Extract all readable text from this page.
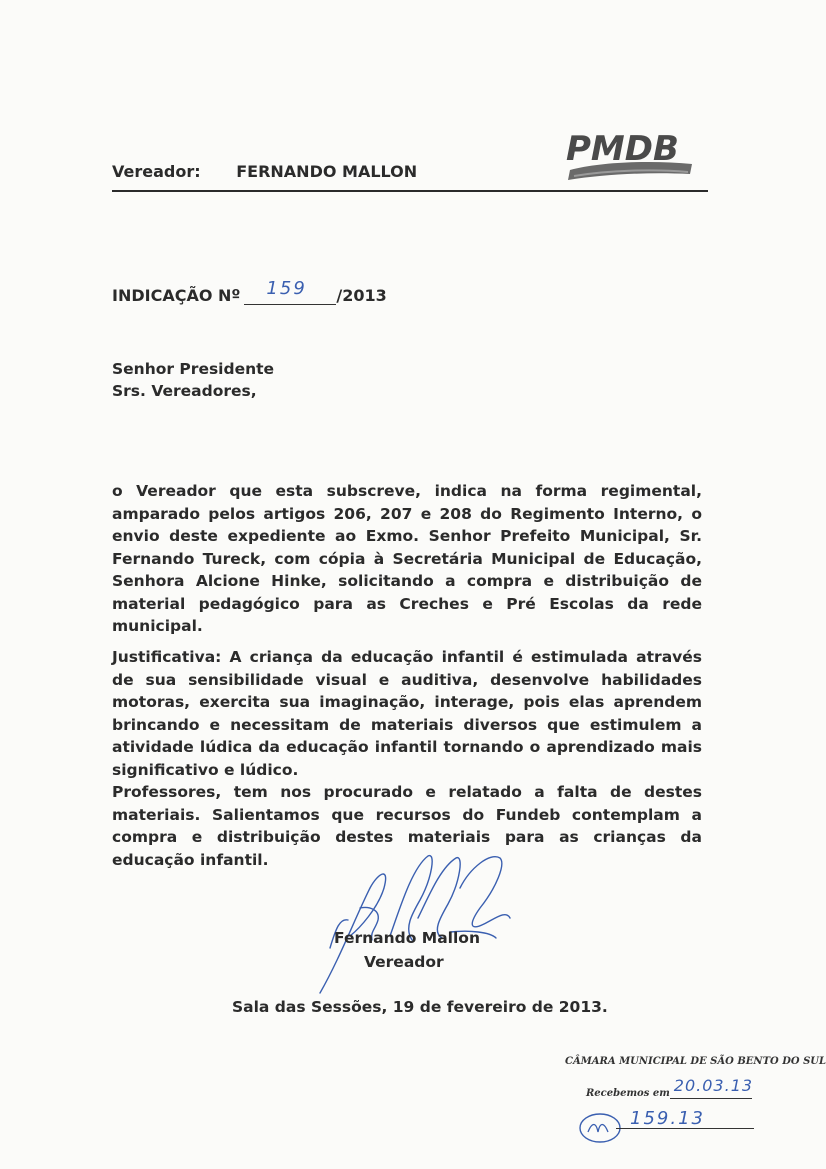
PMDB
Vereador: FERNANDO MALLON
INDICAÇÃO Nº 159 /2013
Senhor Presidente
Srs. Vereadores,

o Vereador que esta subscreve, indica na forma regimental, amparado pelos artigos 206, 207 e 208 do Regimento Interno, o envio deste expediente ao Exmo. Senhor Prefeito Municipal, Sr. Fernando Tureck, com cópia à Secretária Municipal de Educação, Senhora Alcione Hinke, solicitando a compra e distribuição de material pedagógico para as Creches e Pré Escolas da rede municipal.

Justificativa: A criança da educação infantil é estimulada através de sua sensibilidade visual e auditiva, desenvolve habilidades motoras, exercita sua imaginação, interage, pois elas aprendem brincando e necessitam de materiais diversos que estimulem a atividade lúdica da educação infantil tornando o aprendizado mais significativo e lúdico.

Professores, tem nos procurado e relatado a falta de destes materiais. Salientamos que recursos do Fundeb contemplam a compra e distribuição destes materiais para as crianças da educação infantil.

Fernando Mallon
Vereador
Sala das Sessões, 19 de fevereiro de 2013.
CÂMARA MUNICIPAL DE SÃO BENTO DO SUL
Recebemos em 20.03.13
159.13
